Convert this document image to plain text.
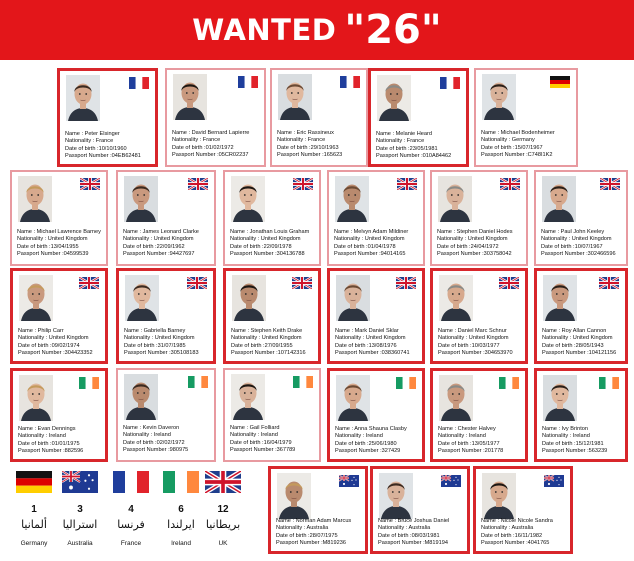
WANTED "26"
Name : Peter Elsinger
Nationality : France
Date of birth :10/10/1960
Passport Number :04EB62481
Name : David Bernard Lapierre
Nationality : France
Date of birth :01/02/1972
Passport Number :05CR02237
Name : Eric Rassineux
Nationality : France
Date of birth :29/10/1963
Passport Number :165623
Name : Melanie Heard
Nationality : France
Date of birth :23/05/1981
Passport Number :010A84462
Name : Michael Bodenheimer
Nationality : Germany
Date of birth :15/07/1967
Passport Number :C748I1K2
Name : Michael Lawrence Barney
Nationality : United Kingdom
Date of birth :13/04/1955
Passport Number :04599539
Name : James Leonard Clarke
Nationality : United Kingdom
Date of birth :22/09/1962
Passport Number :94427697
Name : Jonathan Louis Graham
Nationality : United Kingdom
Date of birth :22/09/1978
Passport Number :304136788
Name : Melvyn Adam Mildiner
Nationality : United Kingdom
Date of birth :01/04/1978
Passport Number :94014165
Name : Stephen Daniel Hodes
Nationality : United Kingdom
Date of birth :24/04/1972
Passport Number :303758042
Name : Paul John Keeley
Nationality : United Kingdom
Date of birth :10/07/1967
Passport Number :302466596
Name : Philip Carr
Nationality : United Kingdom
Date of birth :09/02/1974
Passport Number :304423352
Name : Gabriella Barney
Nationality : United Kingdom
Date of birth :31/07/1985
Passport Number :305108183
Name : Stephen Keith Drake
Nationality : United Kingdom
Date of birth :27/09/1955
Passport Number :107142316
Name : Mark Daniel Sklar
Nationality : United Kingdom
Date of birth :13/08/1976
Passport Number :038360741
Name : Daniel Marc Schnur
Nationality : United Kingdom
Date of birth :10/03/1977
Passport Number :304653970
Name : Roy Allan Cannon
Nationality : United Kingdom
Date of birth :28/05/1943
Passport Number :104121156
Name : Evan Dennings
Nationality : Ireland
Date of birth :01/01/1975
Passport Number :882596
Name : Kevin Daveron
Nationality : Ireland
Date of birth :02/02/1972
Passport Number :980975
Name : Gail Folliard
Nationality : Ireland
Date of birth :16/04/1979
Passport Number :367789
Name : Anna Shauna Clasby
Nationality : Ireland
Date of birth :25/06/1980
Passport Number :327429
Name : Chester Halvey
Nationality : Ireland
Date of birth :13/05/1977
Passport Number :201778
Name : Ivy Brinton
Nationality : Ireland
Date of birth :15/12/1981
Passport Number :563239
Name : Norman Adam Marcus
Nationality : Australia
Date of birth :28/07/1975
Passport Number :M819236
Name : Bruce Joshua Daniel
Nationality : Australia
Date of birth :08/03/1981
Passport Number :M819194
Name : Nicole Nicole Sandra
Nationality : Australia
Date of birth :16/11/1982
Passport Number :4041765
1
ألمانيا
Germany
3
استراليا
Australia
4
فرنسا
France
6
ايرلندا
Ireland
12
بريطانيا
UK
